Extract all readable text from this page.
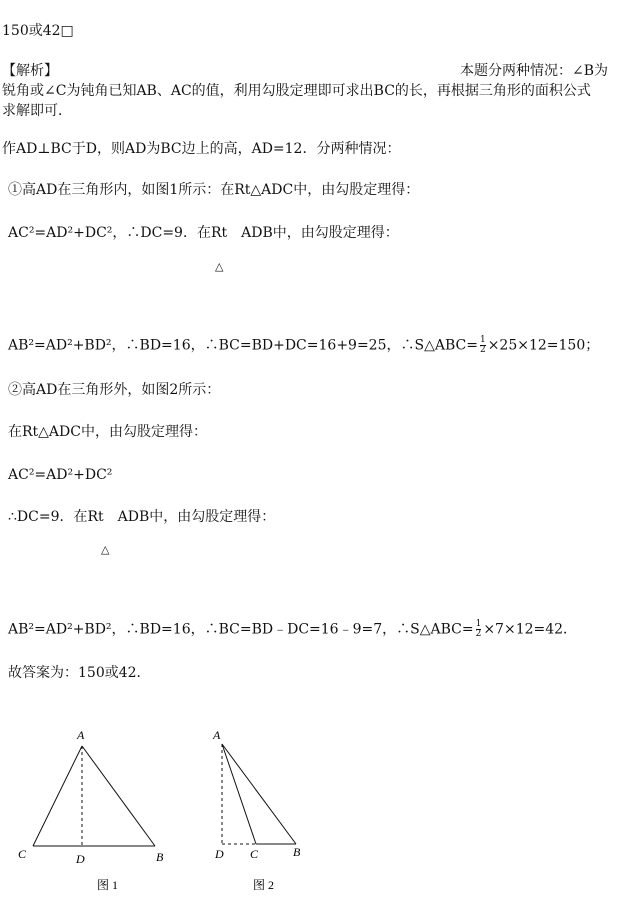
150或42□
【解析】	本题分两种情况：∠B为
锐角或∠C为钝角已知AB、AC的值，利用勾股定理即可求出BC的长，再根据三角形的面积公式
求解即可．
作AD⊥BC于D，则AD为BC边上的高，AD=12．分两种情况：
①高AD在三角形内，如图1所示：在Rt△ADC中，由勾股定理得：
AC²=AD²+DC²，∴DC=9．在Rt ADB中，由勾股定理得：
△
AB²=AD²+BD²，∴BD=16，∴BC=BD+DC=16+9=25，∴S△ABC= $\frac{1}{2} \times 25\times 12=150$；
②高AD在三角形外，如图2所示：
在Rt△ADC中，由勾股定理得：
AC²=AD²+DC²
∴DC=9．在Rt ADB中，由勾股定理得：
△
AB²=AD²+BD²，∴BD=16，∴BC=BD﹣DC=16﹣9=7，∴S△ABC= $\frac{1}{2} \times 7\times 12=42$．
故答案为：150或42．
A
C	D	B
图 1
A
D C	B
图 2
